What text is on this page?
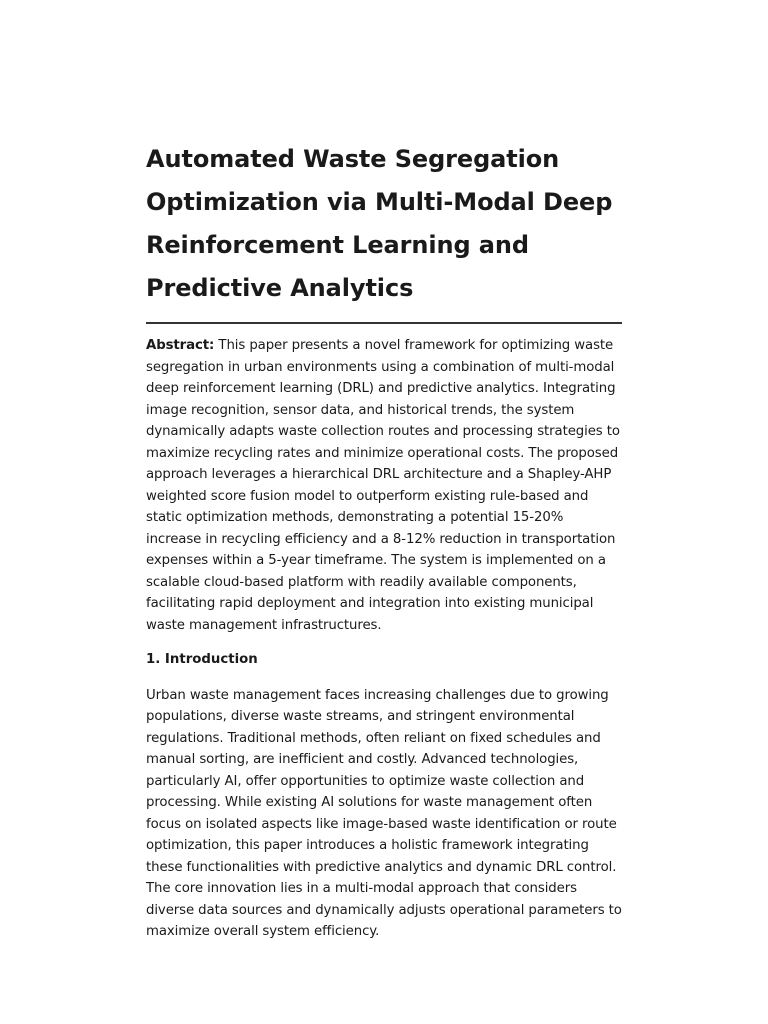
Automated Waste Segregation Optimization via Multi-Modal Deep Reinforcement Learning and Predictive Analytics

Abstract: This paper presents a novel framework for optimizing waste segregation in urban environments using a combination of multi-modal deep reinforcement learning (DRL) and predictive analytics. Integrating image recognition, sensor data, and historical trends, the system dynamically adapts waste collection routes and processing strategies to maximize recycling rates and minimize operational costs. The proposed approach leverages a hierarchical DRL architecture and a Shapley-AHP weighted score fusion model to outperform existing rule-based and static optimization methods, demonstrating a potential 15-20% increase in recycling efficiency and a 8-12% reduction in transportation expenses within a 5-year timeframe. The system is implemented on a scalable cloud-based platform with readily available components, facilitating rapid deployment and integration into existing municipal waste management infrastructures.

1. Introduction

Urban waste management faces increasing challenges due to growing populations, diverse waste streams, and stringent environmental regulations. Traditional methods, often reliant on fixed schedules and manual sorting, are inefficient and costly. Advanced technologies, particularly AI, offer opportunities to optimize waste collection and processing. While existing AI solutions for waste management often focus on isolated aspects like image-based waste identification or route optimization, this paper introduces a holistic framework integrating these functionalities with predictive analytics and dynamic DRL control. The core innovation lies in a multi-modal approach that considers diverse data sources and dynamically adjusts operational parameters to maximize overall system efficiency.
